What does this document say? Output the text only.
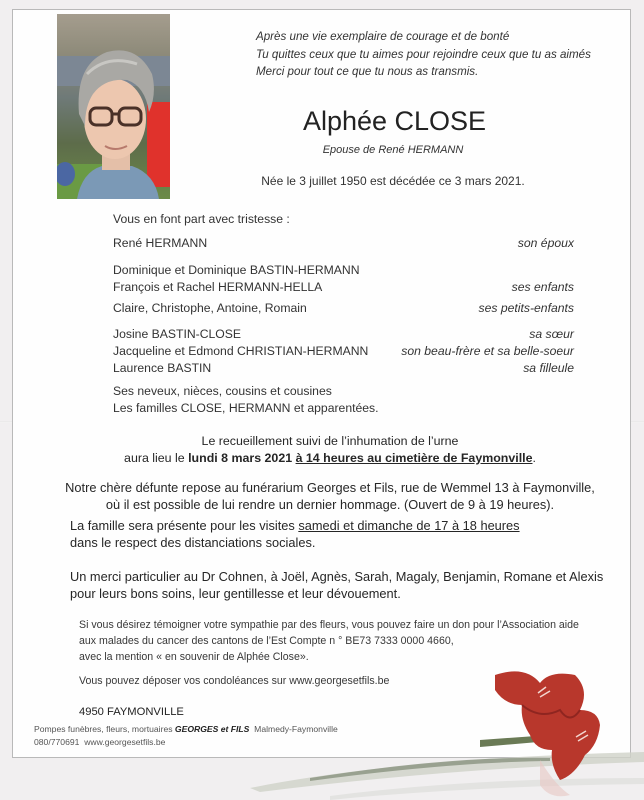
Après une vie exemplaire de courage et de bonté
Tu quittes ceux que tu aimes pour rejoindre ceux que tu as aimés
Merci pour tout ce que tu nous as transmis.
Alphée CLOSE
Epouse de René HERMANN
Née le 3 juillet 1950 est décédée ce 3 mars 2021.
Vous en font part avec tristesse :
René HERMANN	son époux
Dominique et Dominique BASTIN-HERMANN
François et Rachel HERMANN-HELLA	ses enfants
Claire, Christophe, Antoine, Romain	ses petits-enfants
Josine BASTIN-CLOSE	sa sœur
Jacqueline et Edmond CHRISTIAN-HERMANN	son beau-frère et sa belle-soeur
Laurence BASTIN	sa filleule
Ses neveux, nièces, cousins et cousines
Les familles CLOSE, HERMANN et apparentées.
Le recueillement suivi de l’inhumation de l’urne
aura lieu le lundi 8 mars 2021 à 14 heures au cimetière de Faymonville.
Notre chère défunte repose au funérarium Georges et Fils, rue de Wemmel 13 à Faymonville,
où il est possible de lui rendre un dernier hommage. (Ouvert de 9 à 19 heures).
La famille sera présente pour les visites samedi et dimanche de 17 à 18 heures
dans le respect des distanciations sociales.
Un merci particulier au Dr Cohnen, à Joël, Agnès, Sarah, Magaly, Benjamin, Romane et Alexis
pour leurs bons soins, leur gentillesse et leur dévouement.
Si vous désirez témoigner votre sympathie par des fleurs, vous pouvez faire un don pour l’Association aide
aux malades du cancer des cantons de l’Est Compte n ° BE73 7333 0000 4660,
avec la mention « en souvenir de Alphée Close».
Vous pouvez déposer vos condoléances sur www.georgesetfils.be
4950 FAYMONVILLE
Pompes funèbres, fleurs, mortuaires GEORGES et FILS  Malmedy-Faymonville
080/770691 www.georgesetfils.be
